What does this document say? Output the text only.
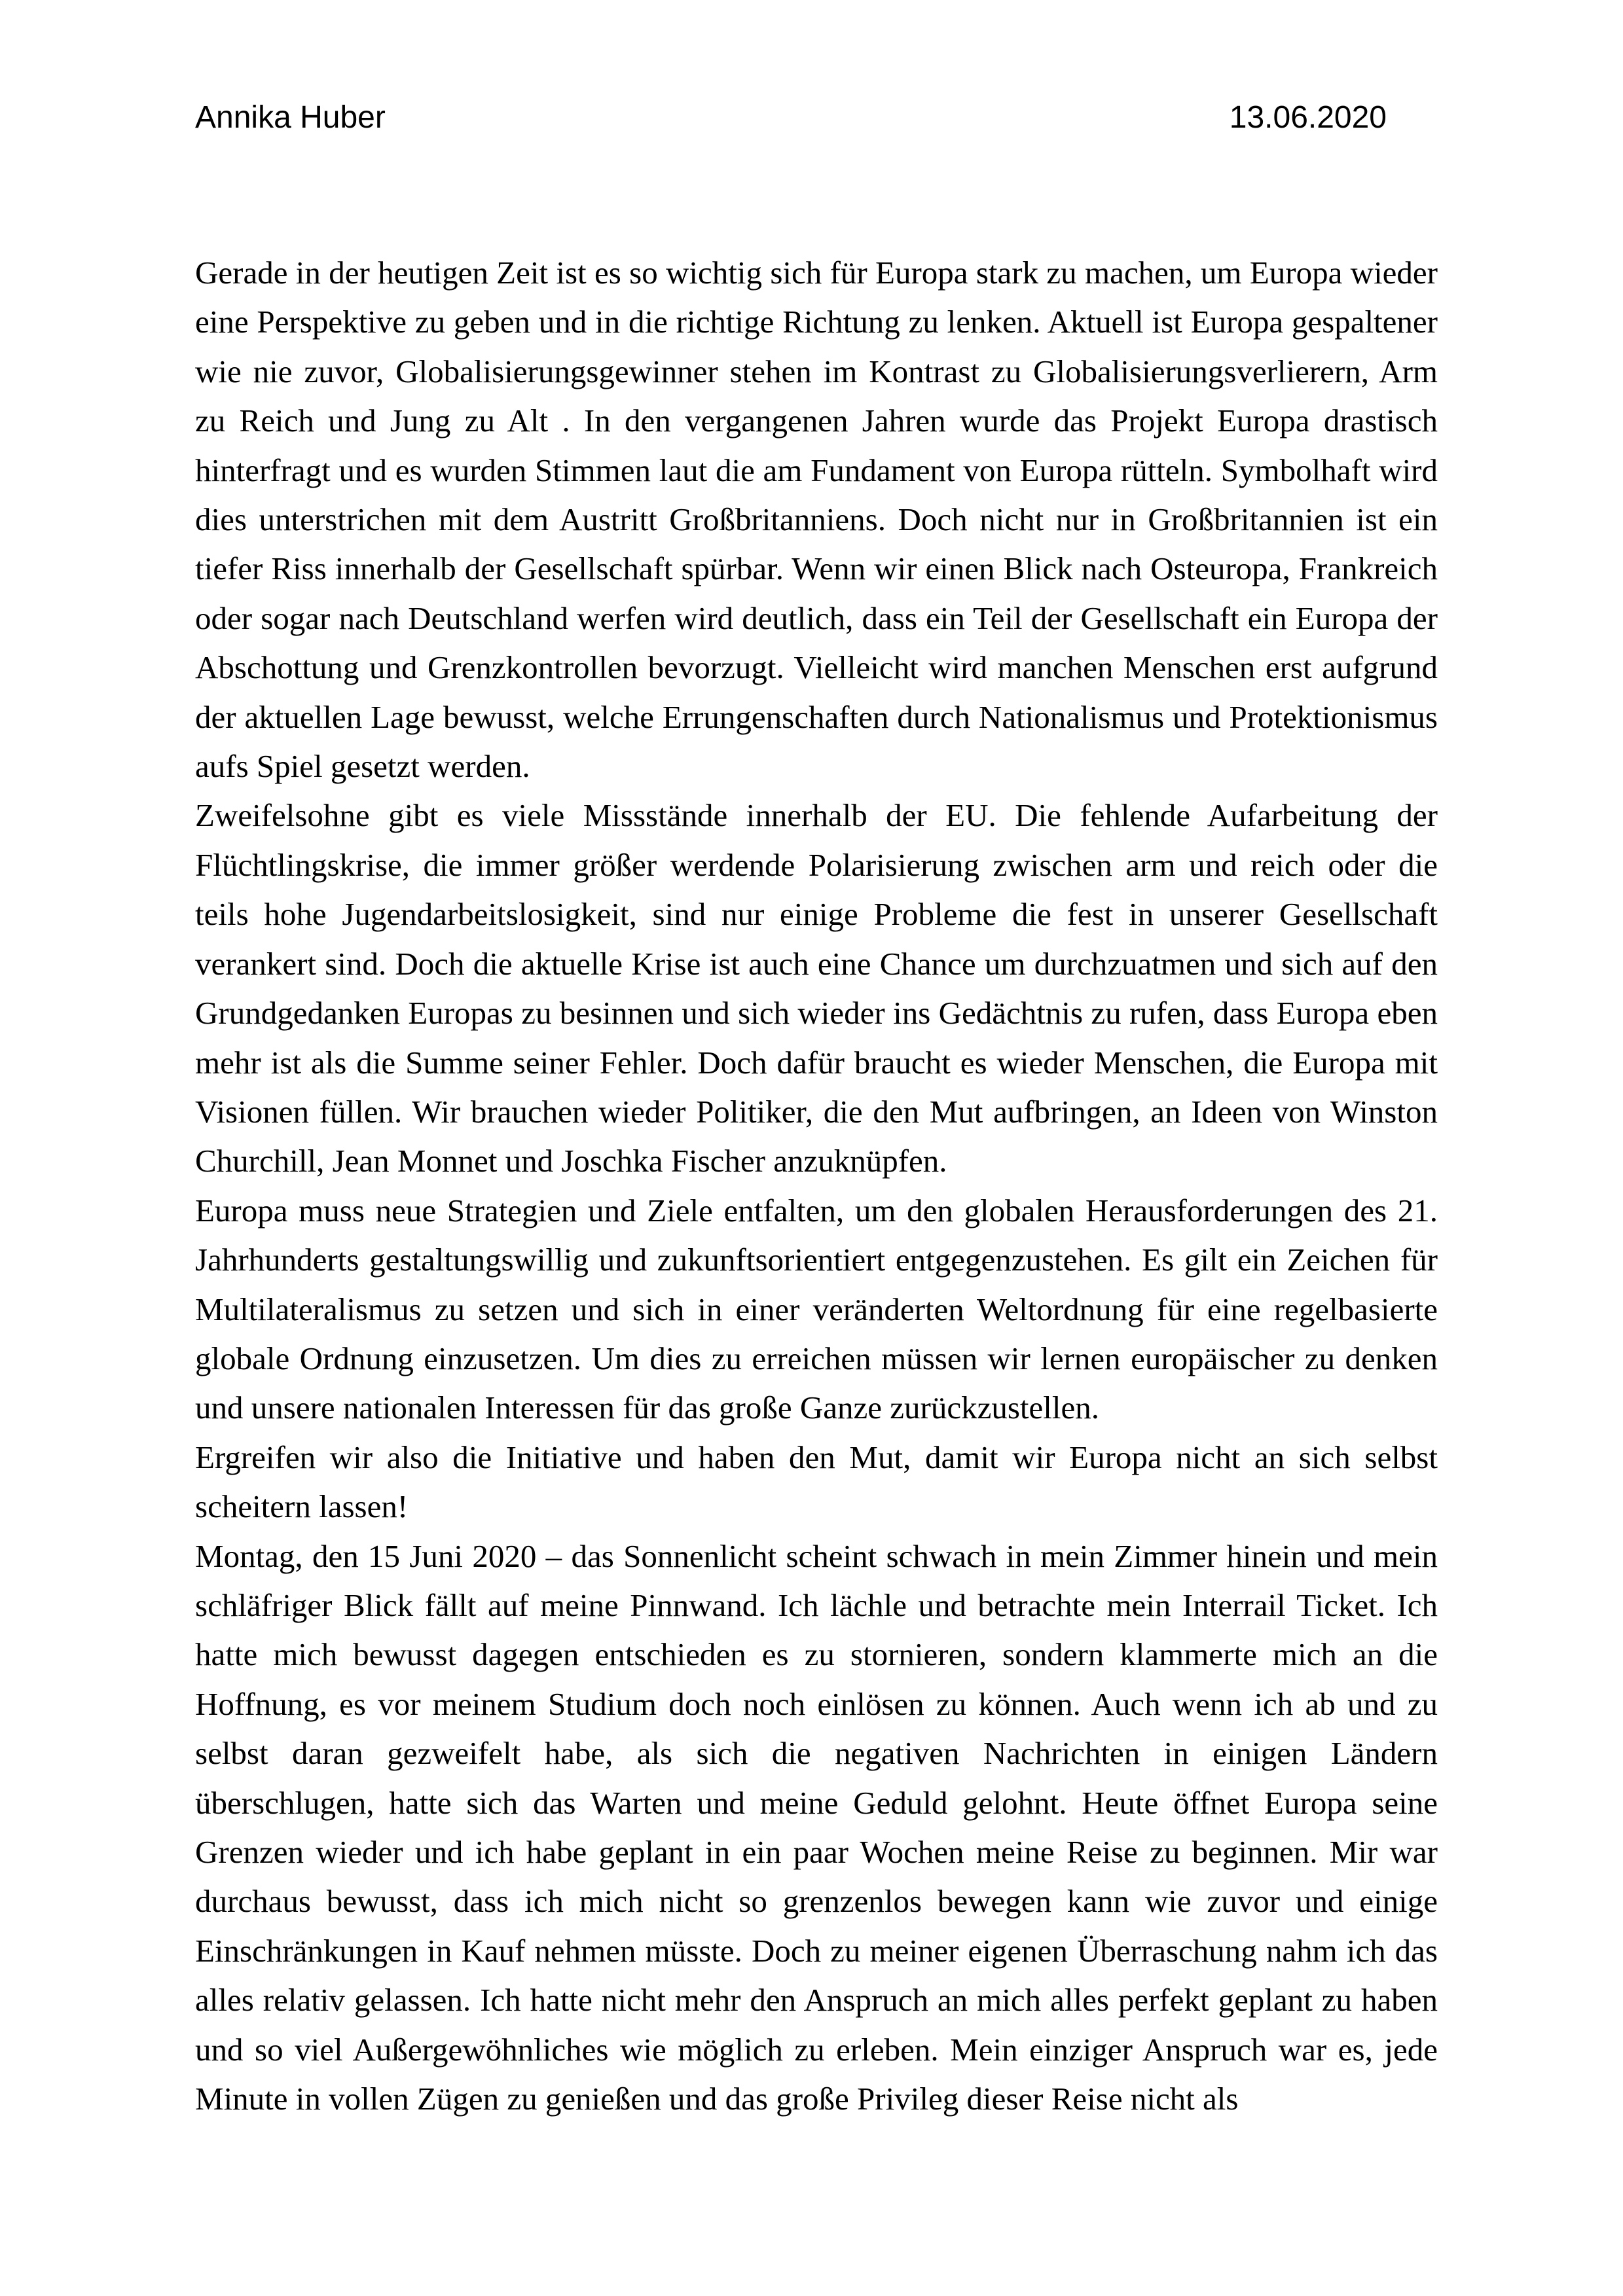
Annika Huber	13.06.2020

Gerade in der heutigen Zeit ist es so wichtig sich für Europa stark zu machen, um Europa wieder eine Perspektive zu geben und in die richtige Richtung zu lenken. Aktuell ist Europa gespaltener wie nie zuvor, Globalisierungsgewinner stehen im Kontrast zu Globalisierungsverlierern, Arm zu Reich und Jung zu Alt . In den vergangenen Jahren wurde das Projekt Europa drastisch hinterfragt und es wurden Stimmen laut die am Fundament von Europa rütteln. Symbolhaft wird dies unterstrichen mit dem Austritt Großbritanniens. Doch nicht nur in Großbritannien ist ein tiefer Riss innerhalb der Gesellschaft spürbar. Wenn wir einen Blick nach Osteuropa, Frankreich oder sogar nach Deutschland werfen wird deutlich, dass ein Teil der Gesellschaft ein Europa der Abschottung und Grenzkontrollen bevorzugt. Vielleicht wird manchen Menschen erst aufgrund der aktuellen Lage bewusst, welche Errungenschaften durch Nationalismus und Protektionismus aufs Spiel gesetzt werden.

Zweifelsohne gibt es viele Missstände innerhalb der EU. Die fehlende Aufarbeitung der Flüchtlingskrise, die immer größer werdende Polarisierung zwischen arm und reich oder die teils hohe Jugendarbeitslosigkeit, sind nur einige Probleme die fest in unserer Gesellschaft verankert sind. Doch die aktuelle Krise ist auch eine Chance um durchzuatmen und sich auf den Grundgedanken Europas zu besinnen und sich wieder ins Gedächtnis zu rufen, dass Europa eben mehr ist als die Summe seiner Fehler. Doch dafür braucht es wieder Menschen, die Europa mit Visionen füllen. Wir brauchen wieder Politiker, die den Mut aufbringen, an Ideen von Winston Churchill, Jean Monnet und Joschka Fischer anzuknüpfen.

Europa muss neue Strategien und Ziele entfalten, um den globalen Herausforderungen des 21. Jahrhunderts gestaltungswillig und zukunftsorientiert entgegenzustehen. Es gilt ein Zeichen für Multilateralismus zu setzen und sich in einer veränderten Weltordnung für eine regelbasierte globale Ordnung einzusetzen. Um dies zu erreichen müssen wir lernen europäischer zu denken und unsere nationalen Interessen für das große Ganze zurückzustellen.

Ergreifen wir also die Initiative und haben den Mut, damit wir Europa nicht an sich selbst scheitern lassen!

Montag, den 15 Juni 2020 – das Sonnenlicht scheint schwach in mein Zimmer hinein und mein schläfriger Blick fällt auf meine Pinnwand. Ich lächle und betrachte mein Interrail Ticket. Ich hatte mich bewusst dagegen entschieden es zu stornieren, sondern klammerte mich an die Hoffnung, es vor meinem Studium doch noch einlösen zu können. Auch wenn ich ab und zu selbst daran gezweifelt habe, als sich die negativen Nachrichten in einigen Ländern überschlugen, hatte sich das Warten und meine Geduld gelohnt. Heute öffnet Europa seine Grenzen wieder und ich habe geplant in ein paar Wochen meine Reise zu beginnen. Mir war durchaus bewusst, dass ich mich nicht so grenzenlos bewegen kann wie zuvor und einige Einschränkungen in Kauf nehmen müsste. Doch zu meiner eigenen Überraschung nahm ich das alles relativ gelassen. Ich hatte nicht mehr den Anspruch an mich alles perfekt geplant zu haben und so viel Außergewöhnliches wie möglich zu erleben. Mein einziger Anspruch war es, jede Minute in vollen Zügen zu genießen und das große Privileg dieser Reise nicht als
